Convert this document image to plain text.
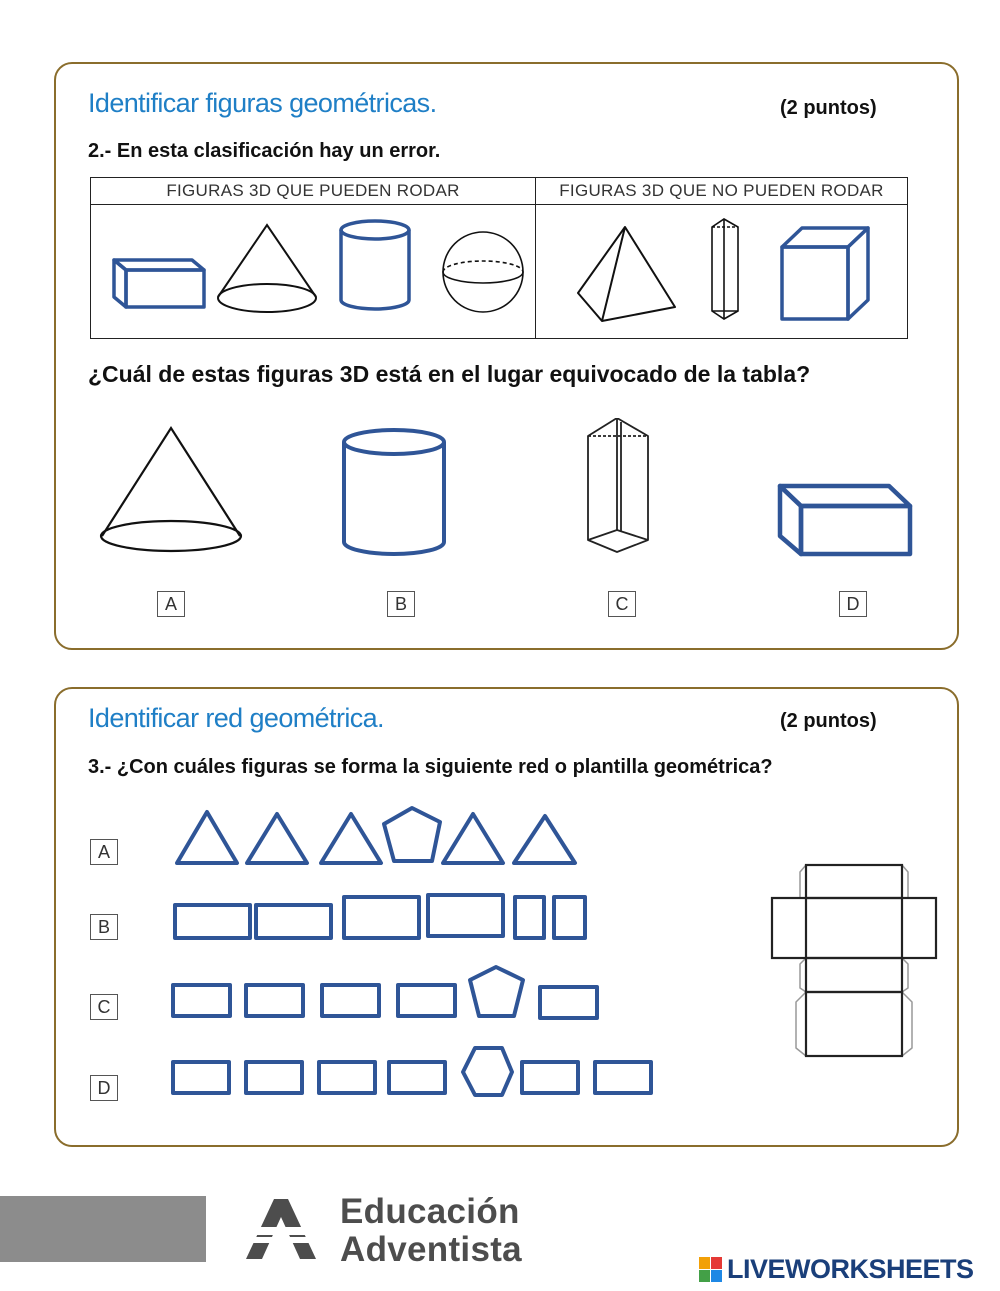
Identificar figuras geométricas.	(2 puntos)
2.- En esta clasificación hay un error.
FIGURAS 3D QUE PUEDEN RODAR	FIGURAS 3D QUE NO PUEDEN RODAR

¿Cuál de estas figuras 3D está en el lugar equivocado de la tabla?
A	B	C	D
Identificar red geométrica.	(2 puntos)
3.- ¿Con cuáles figuras se forma la siguiente red o plantilla geométrica?
A
B
C
D
Educación
Adventista	LIVEWORKSHEETS
